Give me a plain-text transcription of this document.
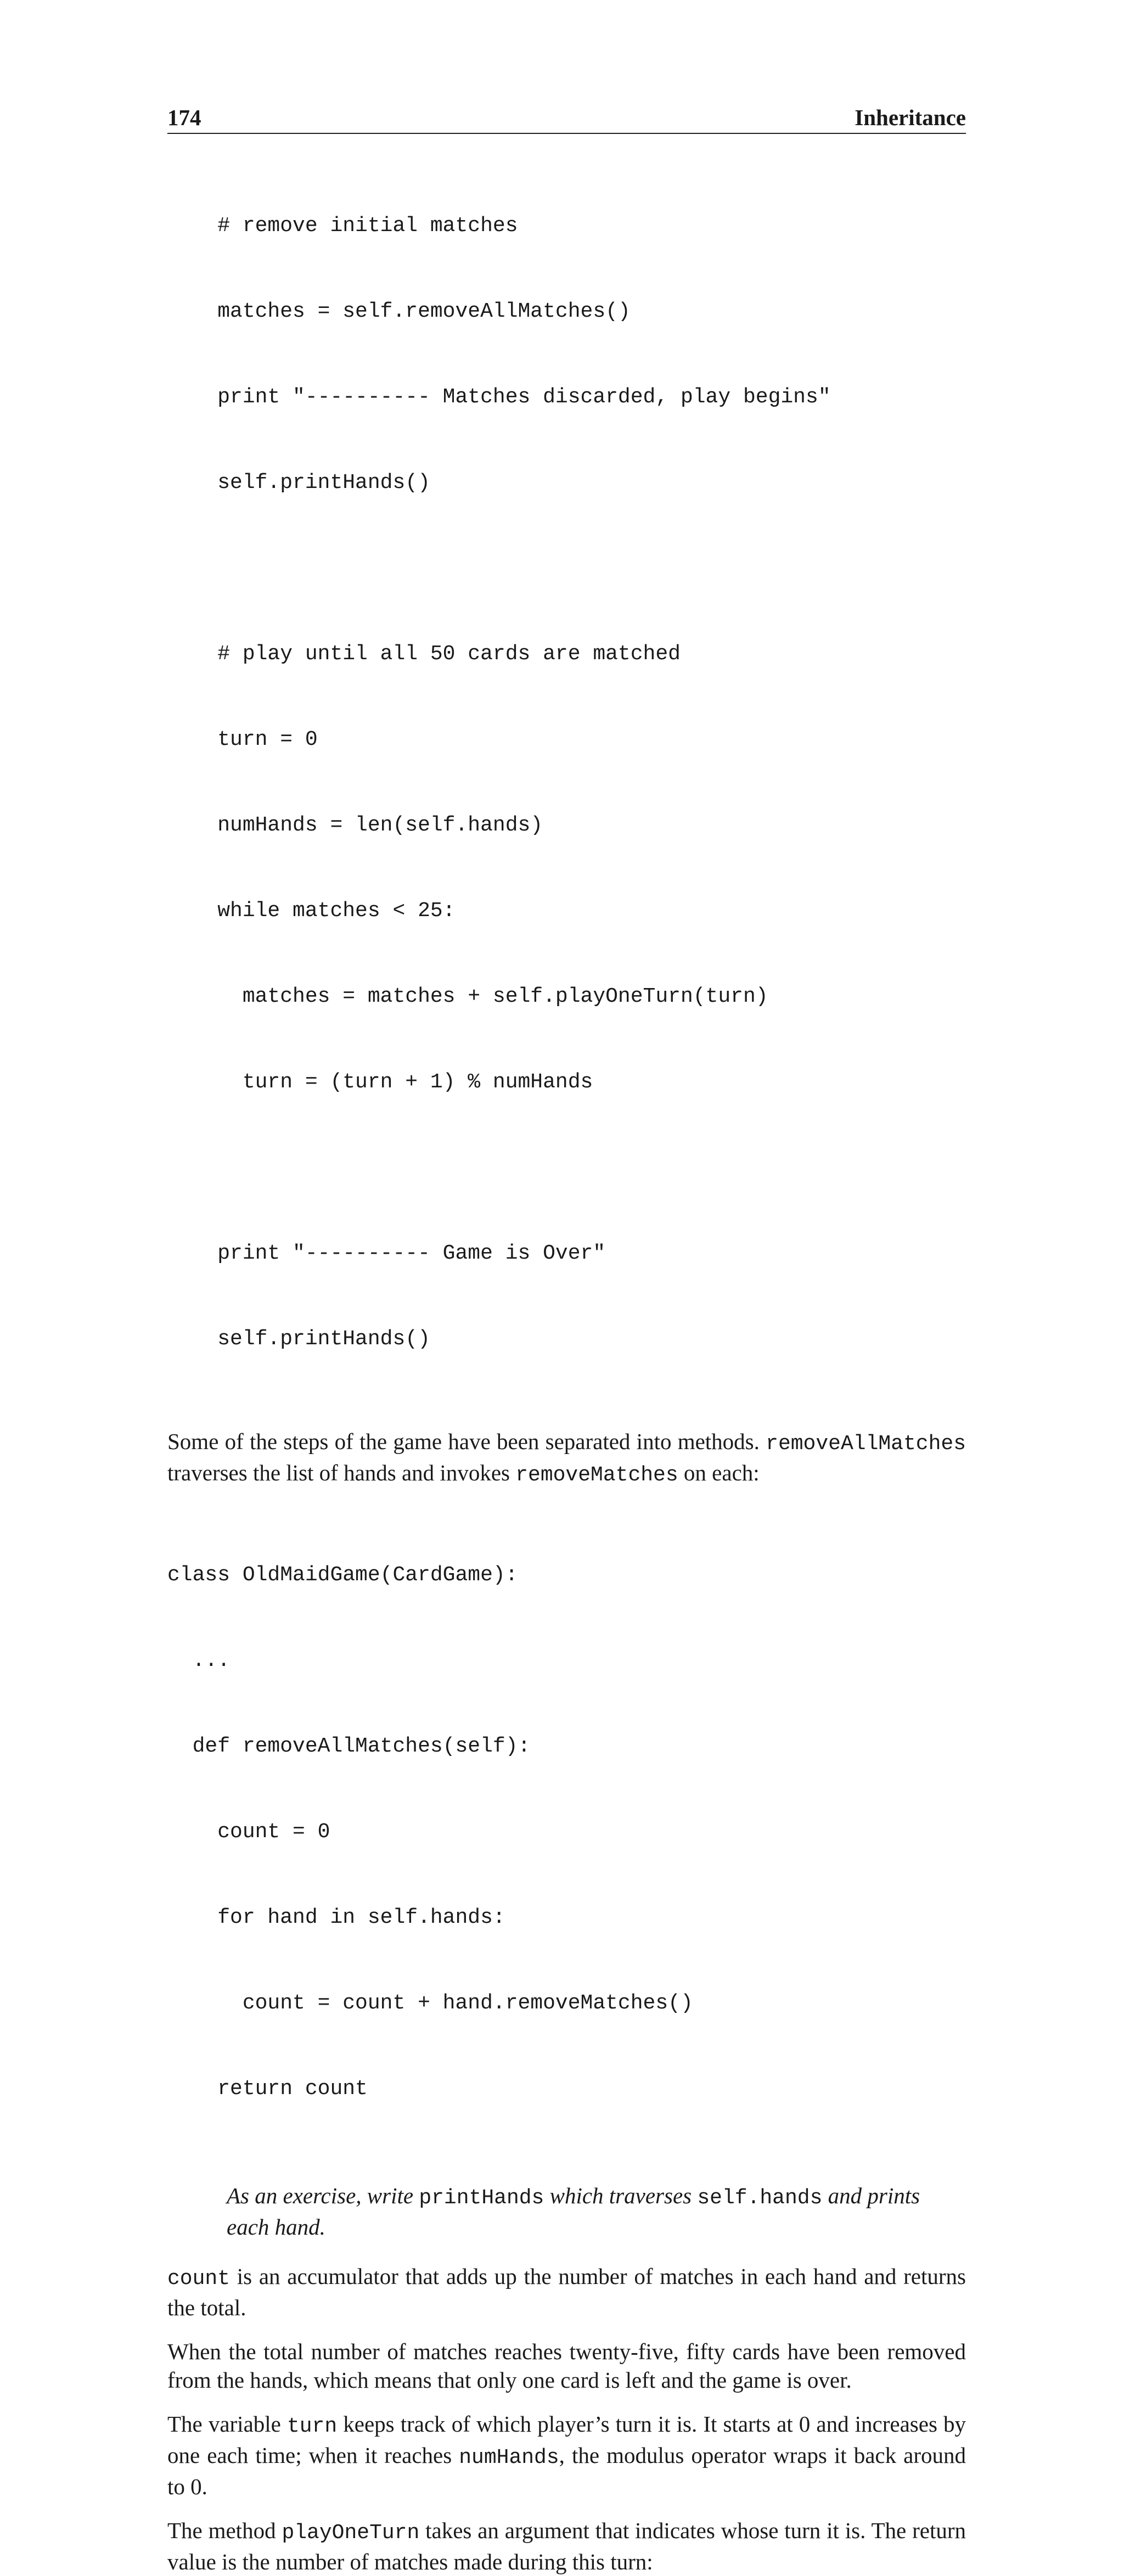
174	Inheritance

# remove initial matches

matches = self.removeAllMatches()

print "---------- Matches discarded, play begins"

self.printHands()

# play until all 50 cards are matched

turn = 0

numHands = len(self.hands)

while matches < 25:

matches = matches + self.playOneTurn(turn)

turn = (turn + 1) % numHands

print "---------- Game is Over"

self.printHands()

Some of the steps of the game have been separated into methods. removeAllMatches traverses the list of hands and invokes removeMatches on each:

class OldMaidGame(CardGame):

...

def removeAllMatches(self):

count = 0

for hand in self.hands:

count = count + hand.removeMatches()

return count

As an exercise, write printHands which traverses self.hands and prints each hand.

count is an accumulator that adds up the number of matches in each hand and returns the total.

When the total number of matches reaches twenty-five, fifty cards have been removed from the hands, which means that only one card is left and the game is over.

The variable turn keeps track of which player’s turn it is. It starts at 0 and increases by one each time; when it reaches numHands, the modulus operator wraps it back around to 0.

The method playOneTurn takes an argument that indicates whose turn it is. The return value is the number of matches made during this turn:
